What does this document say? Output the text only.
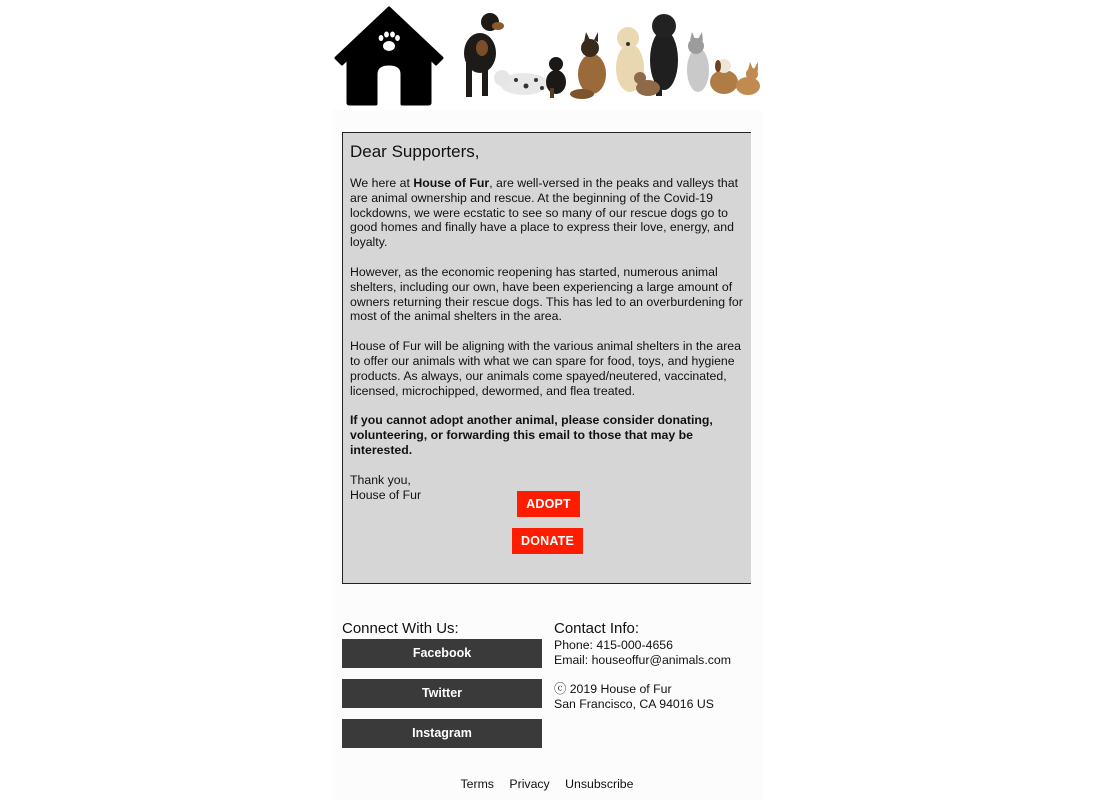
Dear Supporters,

We here at House of Fur, are well-versed in the peaks and valleys that are animal ownership and rescue. At the beginning of the Covid-19 lockdowns, we were ecstatic to see so many of our rescue dogs go to good homes and finally have a place to express their love, energy, and loyalty.

However, as the economic reopening has started, numerous animal shelters, including our own, have been experiencing a large amount of owners returning their rescue dogs. This has led to an overburdening for most of the animal shelters in the area.

House of Fur will be aligning with the various animal shelters in the area to offer our animals with what we can spare for food, toys, and hygiene products. As always, our animals come spayed/neutered, vaccinated, licensed, microchipped, dewormed, and flea treated.

If you cannot adopt another animal, please consider donating, volunteering, or forwarding this email to those that may be interested.

Thank you,
House of Fur

ADOPT
DONATE
Connect With Us:
Facebook
Twitter
Instagram
Contact Info:
Phone: 415-000-4656
Email: houseoffur@animals.com
ⓒ 2019 House of Fur
San Francisco, CA 94016 US
Terms Privacy Unsubscribe
